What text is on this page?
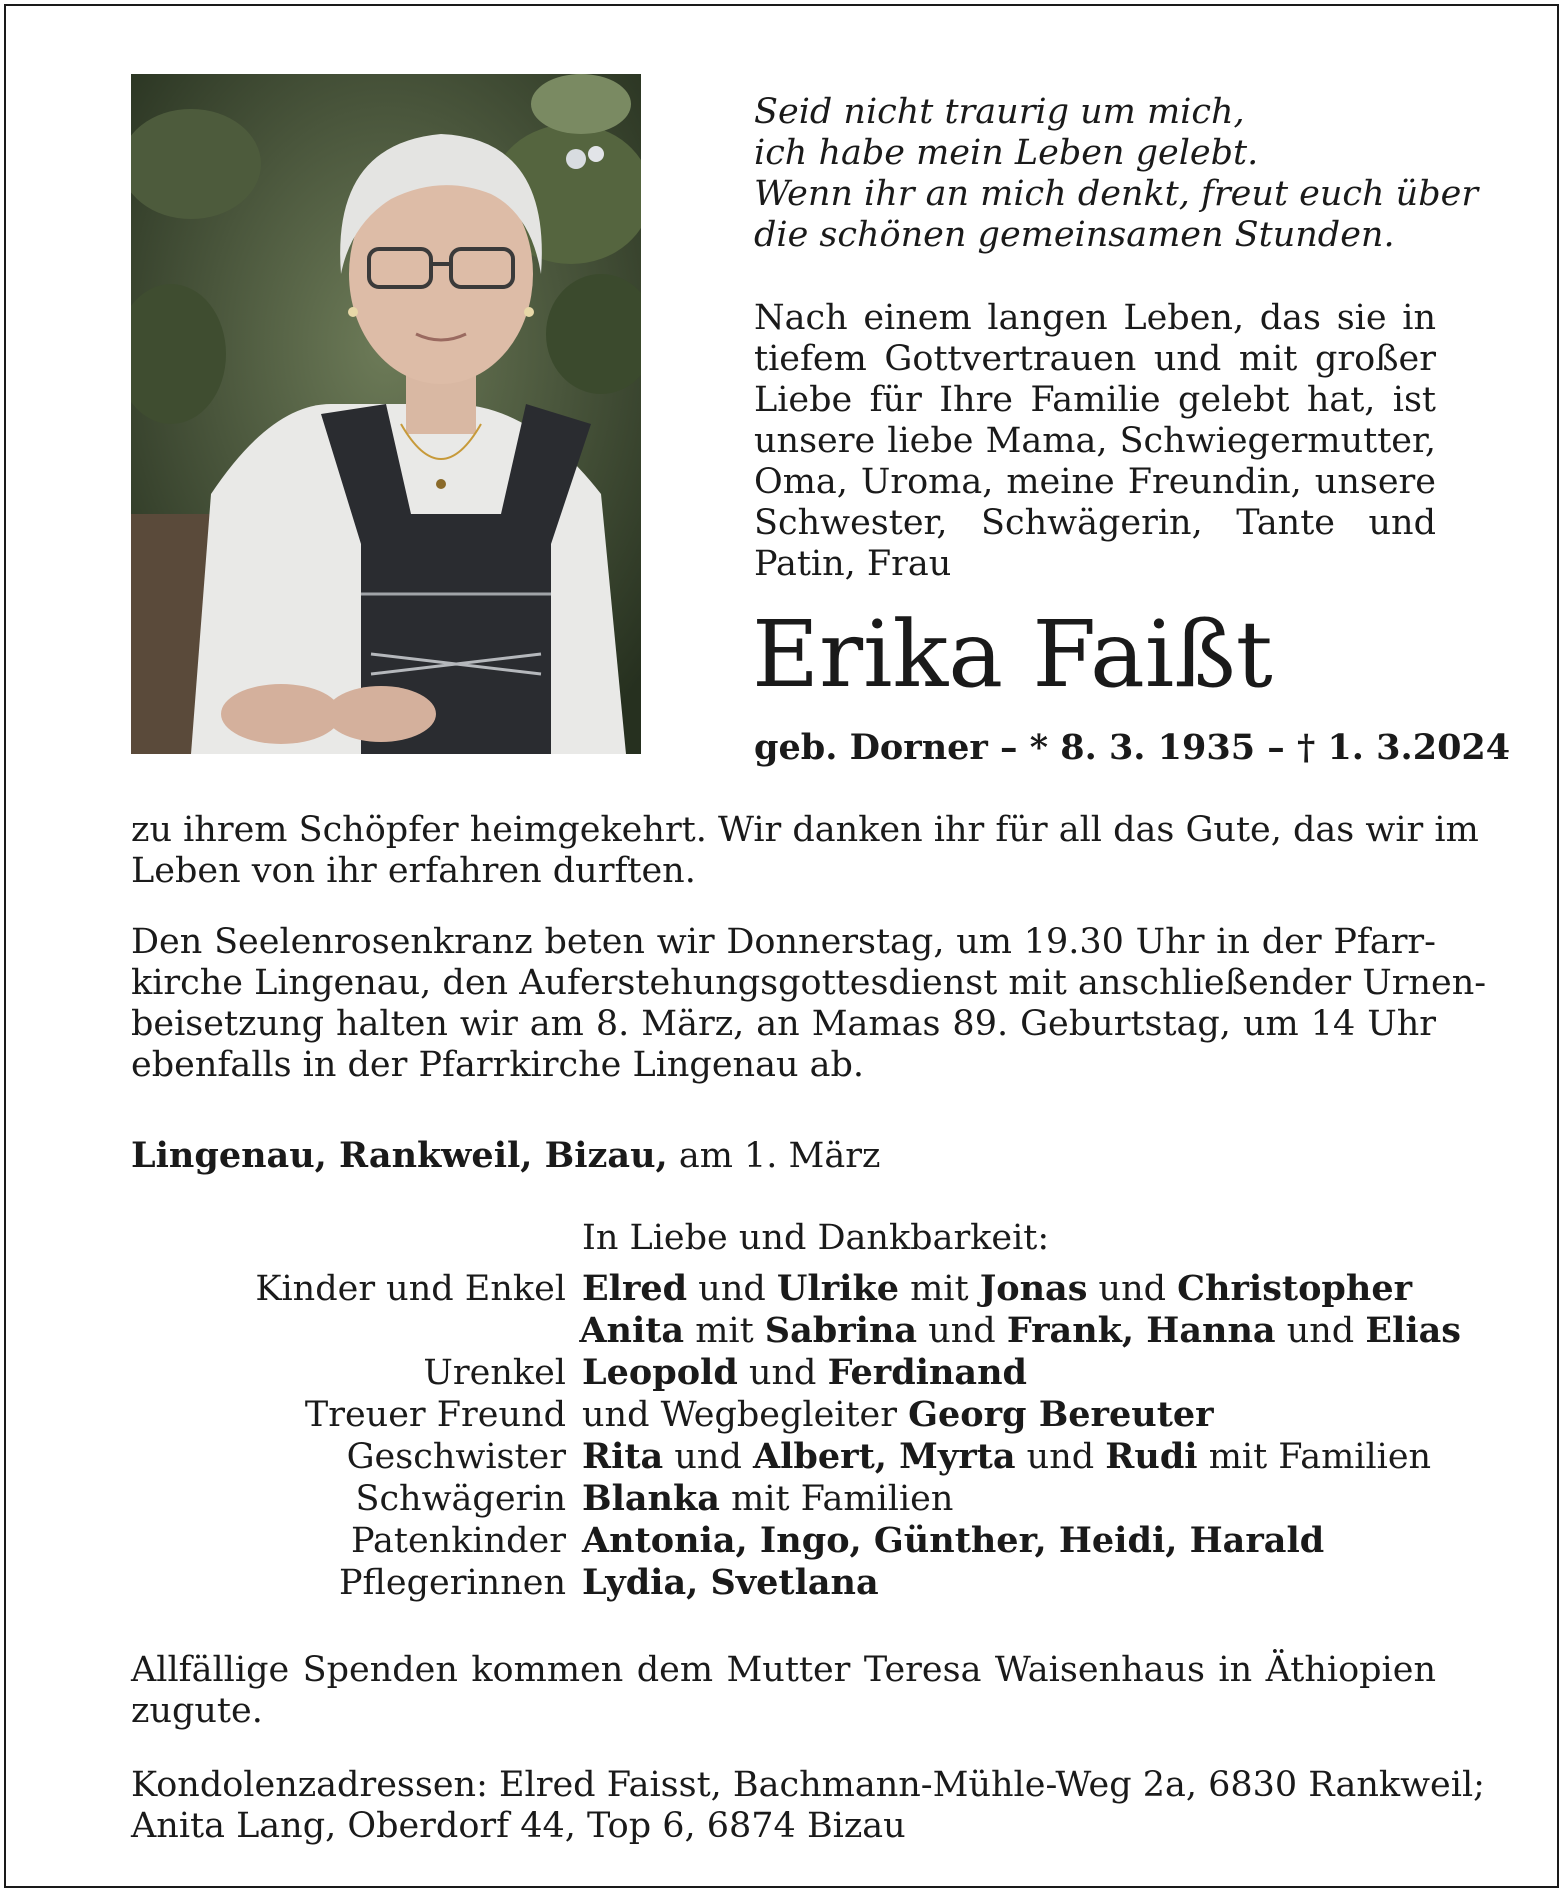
Seid nicht traurig um mich,
ich habe mein Leben gelebt.
Wenn ihr an mich denkt, freut euch über
die schönen gemeinsamen Stunden.
Nach einem langen Leben, das sie in
tiefem Gottvertrauen und mit großer
Liebe für Ihre Familie gelebt hat, ist
unsere liebe Mama, Schwiegermutter,
Oma, Uroma, meine Freundin, unsere
Schwester, Schwägerin, Tante und
Patin, Frau
Erika Faißt
geb. Dorner – * 8. 3. 1935 – † 1. 3.2024
zu ihrem Schöpfer heimgekehrt. Wir danken ihr für all das Gute, das wir im
Leben von ihr erfahren durften.
Den Seelenrosenkranz beten wir Donnerstag, um 19.30 Uhr in der Pfarr-
kirche Lingenau, den Auferstehungsgottesdienst mit anschließender Urnen-
beisetzung halten wir am 8. März, an Mamas 89. Geburtstag, um 14 Uhr
ebenfalls in der Pfarrkirche Lingenau ab.
Lingenau, Rankweil, Bizau, am 1. März
In Liebe und Dankbarkeit:
Kinder und Enkel Elred und Ulrike mit Jonas und Christopher
Anita mit Sabrina und Frank, Hanna und Elias
Urenkel Leopold und Ferdinand
Treuer Freund und Wegbegleiter Georg Bereuter
Geschwister Rita und Albert, Myrta und Rudi mit Familien
Schwägerin Blanka mit Familien
Patenkinder Antonia, Ingo, Günther, Heidi, Harald
Pflegerinnen Lydia, Svetlana
Allfällige Spenden kommen dem Mutter Teresa Waisenhaus in Äthiopien
zugute.
Kondolenzadressen: Elred Faisst, Bachmann-Mühle-Weg 2a, 6830 Rankweil;
Anita Lang, Oberdorf 44, Top 6, 6874 Bizau
